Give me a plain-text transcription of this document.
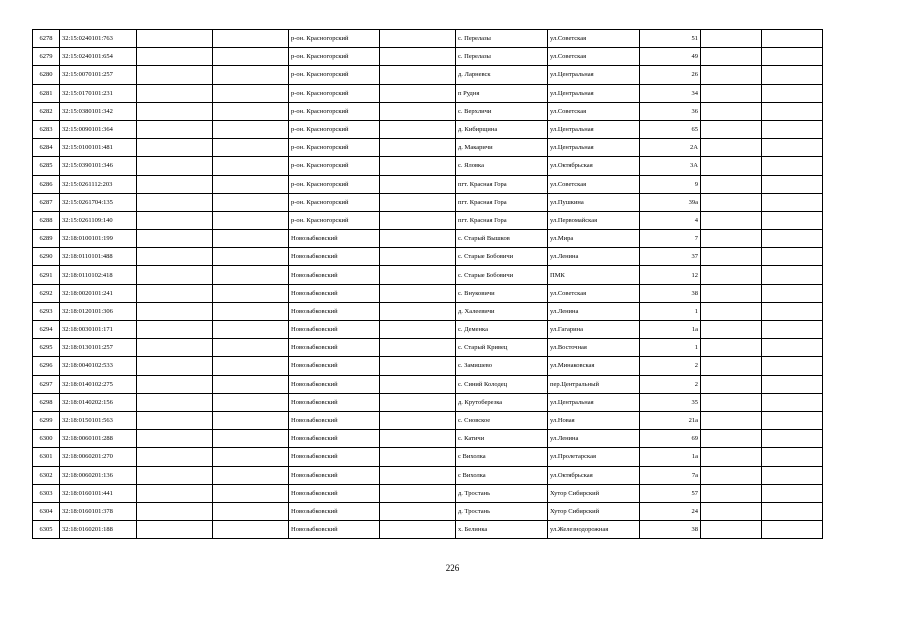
6278	32:15:0240101:763			р-он. Красногорский		с. Перелазы	ул.Советская	51		
6279	32:15:0240101:654			р-он. Красногорский		с. Перелазы	ул.Советская	49		
6280	32:15:0070101:257			р-он. Красногорский		д. Ларневск	ул.Центральная	26		
6281	32:15:0170101:231			р-он. Красногорский		п Рудня	ул.Центральная	34		
6282	32:15:0380101:342			р-он. Красногорский		с. Верхличи	ул.Советская	36		
6283	32:15:0090101:364			р-он. Красногорский		д. Кибирщина	ул.Центральная	65		
6284	32:15:0100101:481			р-он. Красногорский		д. Макаричи	ул.Центральная	2А		
6285	32:15:0390101:346			р-он. Красногорский		с. Яловка	ул.Октябрьская	3А		
6286	32:15:0261112:203			р-он. Красногорский		пгт. Красная Гора	ул.Советская	9		
6287	32:15:0261704:135			р-он. Красногорский		пгт. Красная Гора	ул.Пушкина	39а		
6288	32:15:0261109:140			р-он. Красногорский		пгт. Красная Гора	ул.Первомайская	4		
6289	32:18:0100101:199			Новозыбковский		с. Старый Вышков	ул.Мира	7		
6290	32:18:0110101:488			Новозыбковский		с. Старые Бобовичи	ул.Ленина	37		
6291	32:18:0110102:418			Новозыбковский		с. Старые Бобовичи	ПМК	12		
6292	32:18:0020101:241			Новозыбковский		с. Внуковичи	ул.Советская	38		
6293	32:18:0120101:306			Новозыбковский		д. Халеевичи	ул.Ленина	1		
6294	32:18:0030101:171			Новозыбковский		с. Деменка	ул.Гагарина	1а		
6295	32:18:0130101:257			Новозыбковский		с. Старый Кривец	ул.Восточная	1		
6296	32:18:0040102:533			Новозыбковский		с. Замишево	ул.Минаковская	2		
6297	32:18:0140102:275			Новозыбковский		с. Синий Колодец	пер.Центральный	2		
6298	32:18:0140202:156			Новозыбковский		д. Крутоберезка	ул.Центральная	35		
6299	32:18:0150101:563			Новозыбковский		с. Сновское	ул.Новая	21а		
6300	32:18:0060101:288			Новозыбковский		с. Катичи	ул.Ленина	69		
6301	32:18:0060201:270			Новозыбковский		с Вихолка	ул.Пролетарская	1а		
6302	32:18:0060201:136			Новозыбковский		с Вихолка	ул.Октябрьская	7а		
6303	32:18:0160101:441			Новозыбковский		д. Тростань	Хутор Сибирский	57		
6304	32:18:0160101:378			Новозыбковский		д. Тростань	Хутор Сибирский	24		
6305	32:18:0160201:188			Новозыбковский		х. Белинка	ул.Железнодорожная	38		
226
